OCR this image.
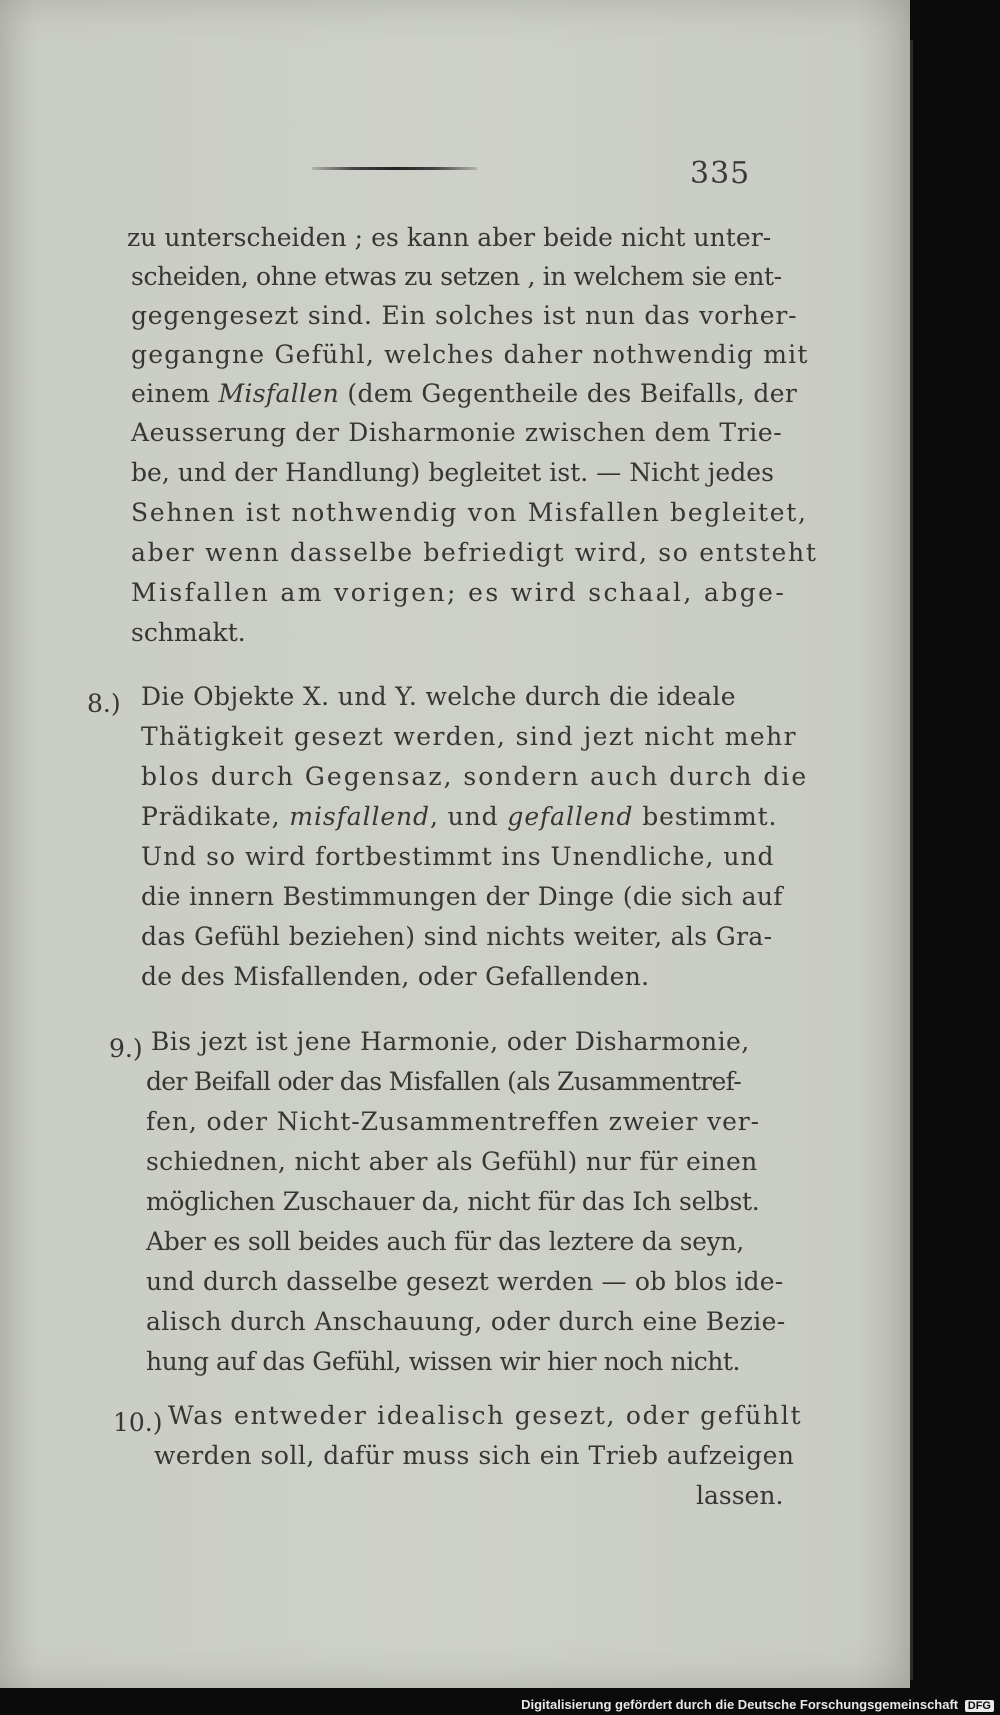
335
zu unterscheiden ; es kann aber beide nicht unter-
scheiden, ohne etwas zu setzen , in welchem sie ent-
gegengesezt sind. Ein solches ist nun das vorher-
gegangne Gefühl, welches daher nothwendig mit
einem Misfallen (dem Gegentheile des Beifalls, der
Aeusserung der Disharmonie zwischen dem Trie-
be, und der Handlung) begleitet ist. — Nicht jedes
Sehnen ist nothwendig von Misfallen begleitet,
aber wenn dasselbe befriedigt wird, so entsteht
Misfallen am vorigen; es wird schaal, abge-
schmakt.
8.) Die Objekte X. und Y. welche durch die ideale
Thätigkeit gesezt werden, sind jezt nicht mehr
blos durch Gegensaz, sondern auch durch die
Prädikate, misfallend, und gefallend bestimmt.
Und so wird fortbestimmt ins Unendliche, und
die innern Bestimmungen der Dinge (die sich auf
das Gefühl beziehen) sind nichts weiter, als Gra-
de des Misfallenden, oder Gefallenden.
9.) Bis jezt ist jene Harmonie, oder Disharmonie,
der Beifall oder das Misfallen (als Zusammentref-
fen, oder Nicht-Zusammentreffen zweier ver-
schiednen, nicht aber als Gefühl) nur für einen
möglichen Zuschauer da, nicht für das Ich selbst.
Aber es soll beides auch für das leztere da seyn,
und durch dasselbe gesezt werden — ob blos ide-
alisch durch Anschauung, oder durch eine Bezie-
hung auf das Gefühl, wissen wir hier noch nicht.
10.) Was entweder idealisch gesezt, oder gefühlt
werden soll, dafür muss sich ein Trieb aufzeigen
lassen.
Digitalisierung gefördert durch die Deutsche Forschungsgemeinschaft DFG
